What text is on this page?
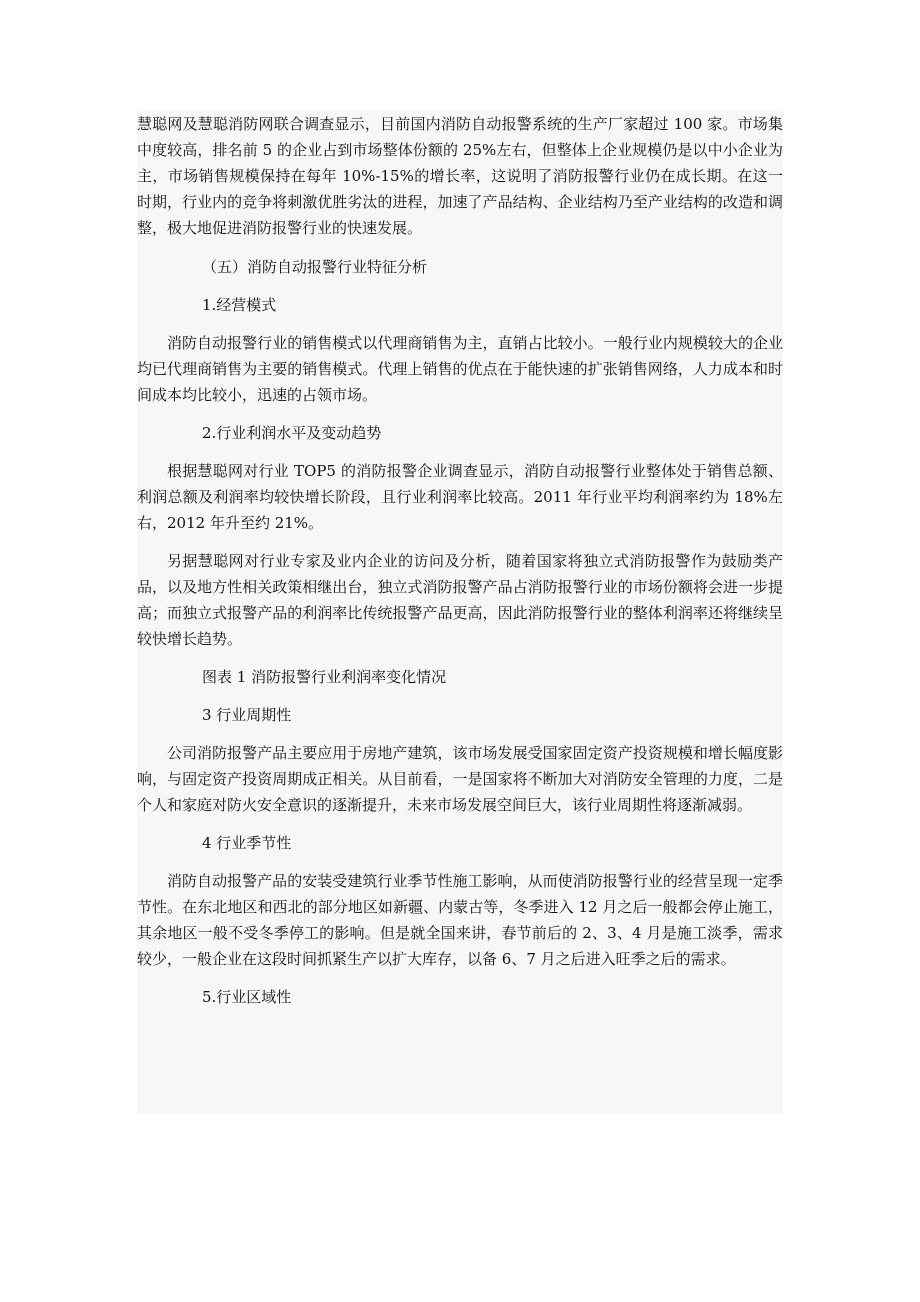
慧聪网及慧聪消防网联合调查显示，目前国内消防自动报警系统的生产厂家超过 100 家。市场集中度较高，排名前 5 的企业占到市场整体份额的 25%左右，但整体上企业规模仍是以中小企业为主，市场销售规模保持在每年 10%-15%的增长率，这说明了消防报警行业仍在成长期。在这一时期，行业内的竞争将刺激优胜劣汰的进程，加速了产品结构、企业结构乃至产业结构的改造和调整，极大地促进消防报警行业的快速发展。

（五）消防自动报警行业特征分析

1.经营模式

消防自动报警行业的销售模式以代理商销售为主，直销占比较小。一般行业内规模较大的企业均已代理商销售为主要的销售模式。代理上销售的优点在于能快速的扩张销售网络，人力成本和时间成本均比较小，迅速的占领市场。

2.行业利润水平及变动趋势

根据慧聪网对行业 TOP5 的消防报警企业调查显示，消防自动报警行业整体处于销售总额、利润总额及利润率均较快增长阶段，且行业利润率比较高。2011 年行业平均利润率约为 18%左右，2012 年升至约 21%。

另据慧聪网对行业专家及业内企业的访问及分析，随着国家将独立式消防报警作为鼓励类产品，以及地方性相关政策相继出台，独立式消防报警产品占消防报警行业的市场份额将会进一步提高；而独立式报警产品的利润率比传统报警产品更高，因此消防报警行业的整体利润率还将继续呈较快增长趋势。

图表 1 消防报警行业利润率变化情况

3 行业周期性

公司消防报警产品主要应用于房地产建筑，该市场发展受国家固定资产投资规模和增长幅度影响，与固定资产投资周期成正相关。从目前看，一是国家将不断加大对消防安全管理的力度，二是个人和家庭对防火安全意识的逐渐提升，未来市场发展空间巨大，该行业周期性将逐渐减弱。

4 行业季节性

消防自动报警产品的安装受建筑行业季节性施工影响，从而使消防报警行业的经营呈现一定季节性。在东北地区和西北的部分地区如新疆、内蒙古等，冬季进入 12 月之后一般都会停止施工，其余地区一般不受冬季停工的影响。但是就全国来讲，春节前后的 2、3、4 月是施工淡季，需求较少，一般企业在这段时间抓紧生产以扩大库存，以备 6、7 月之后进入旺季之后的需求。

5.行业区域性
